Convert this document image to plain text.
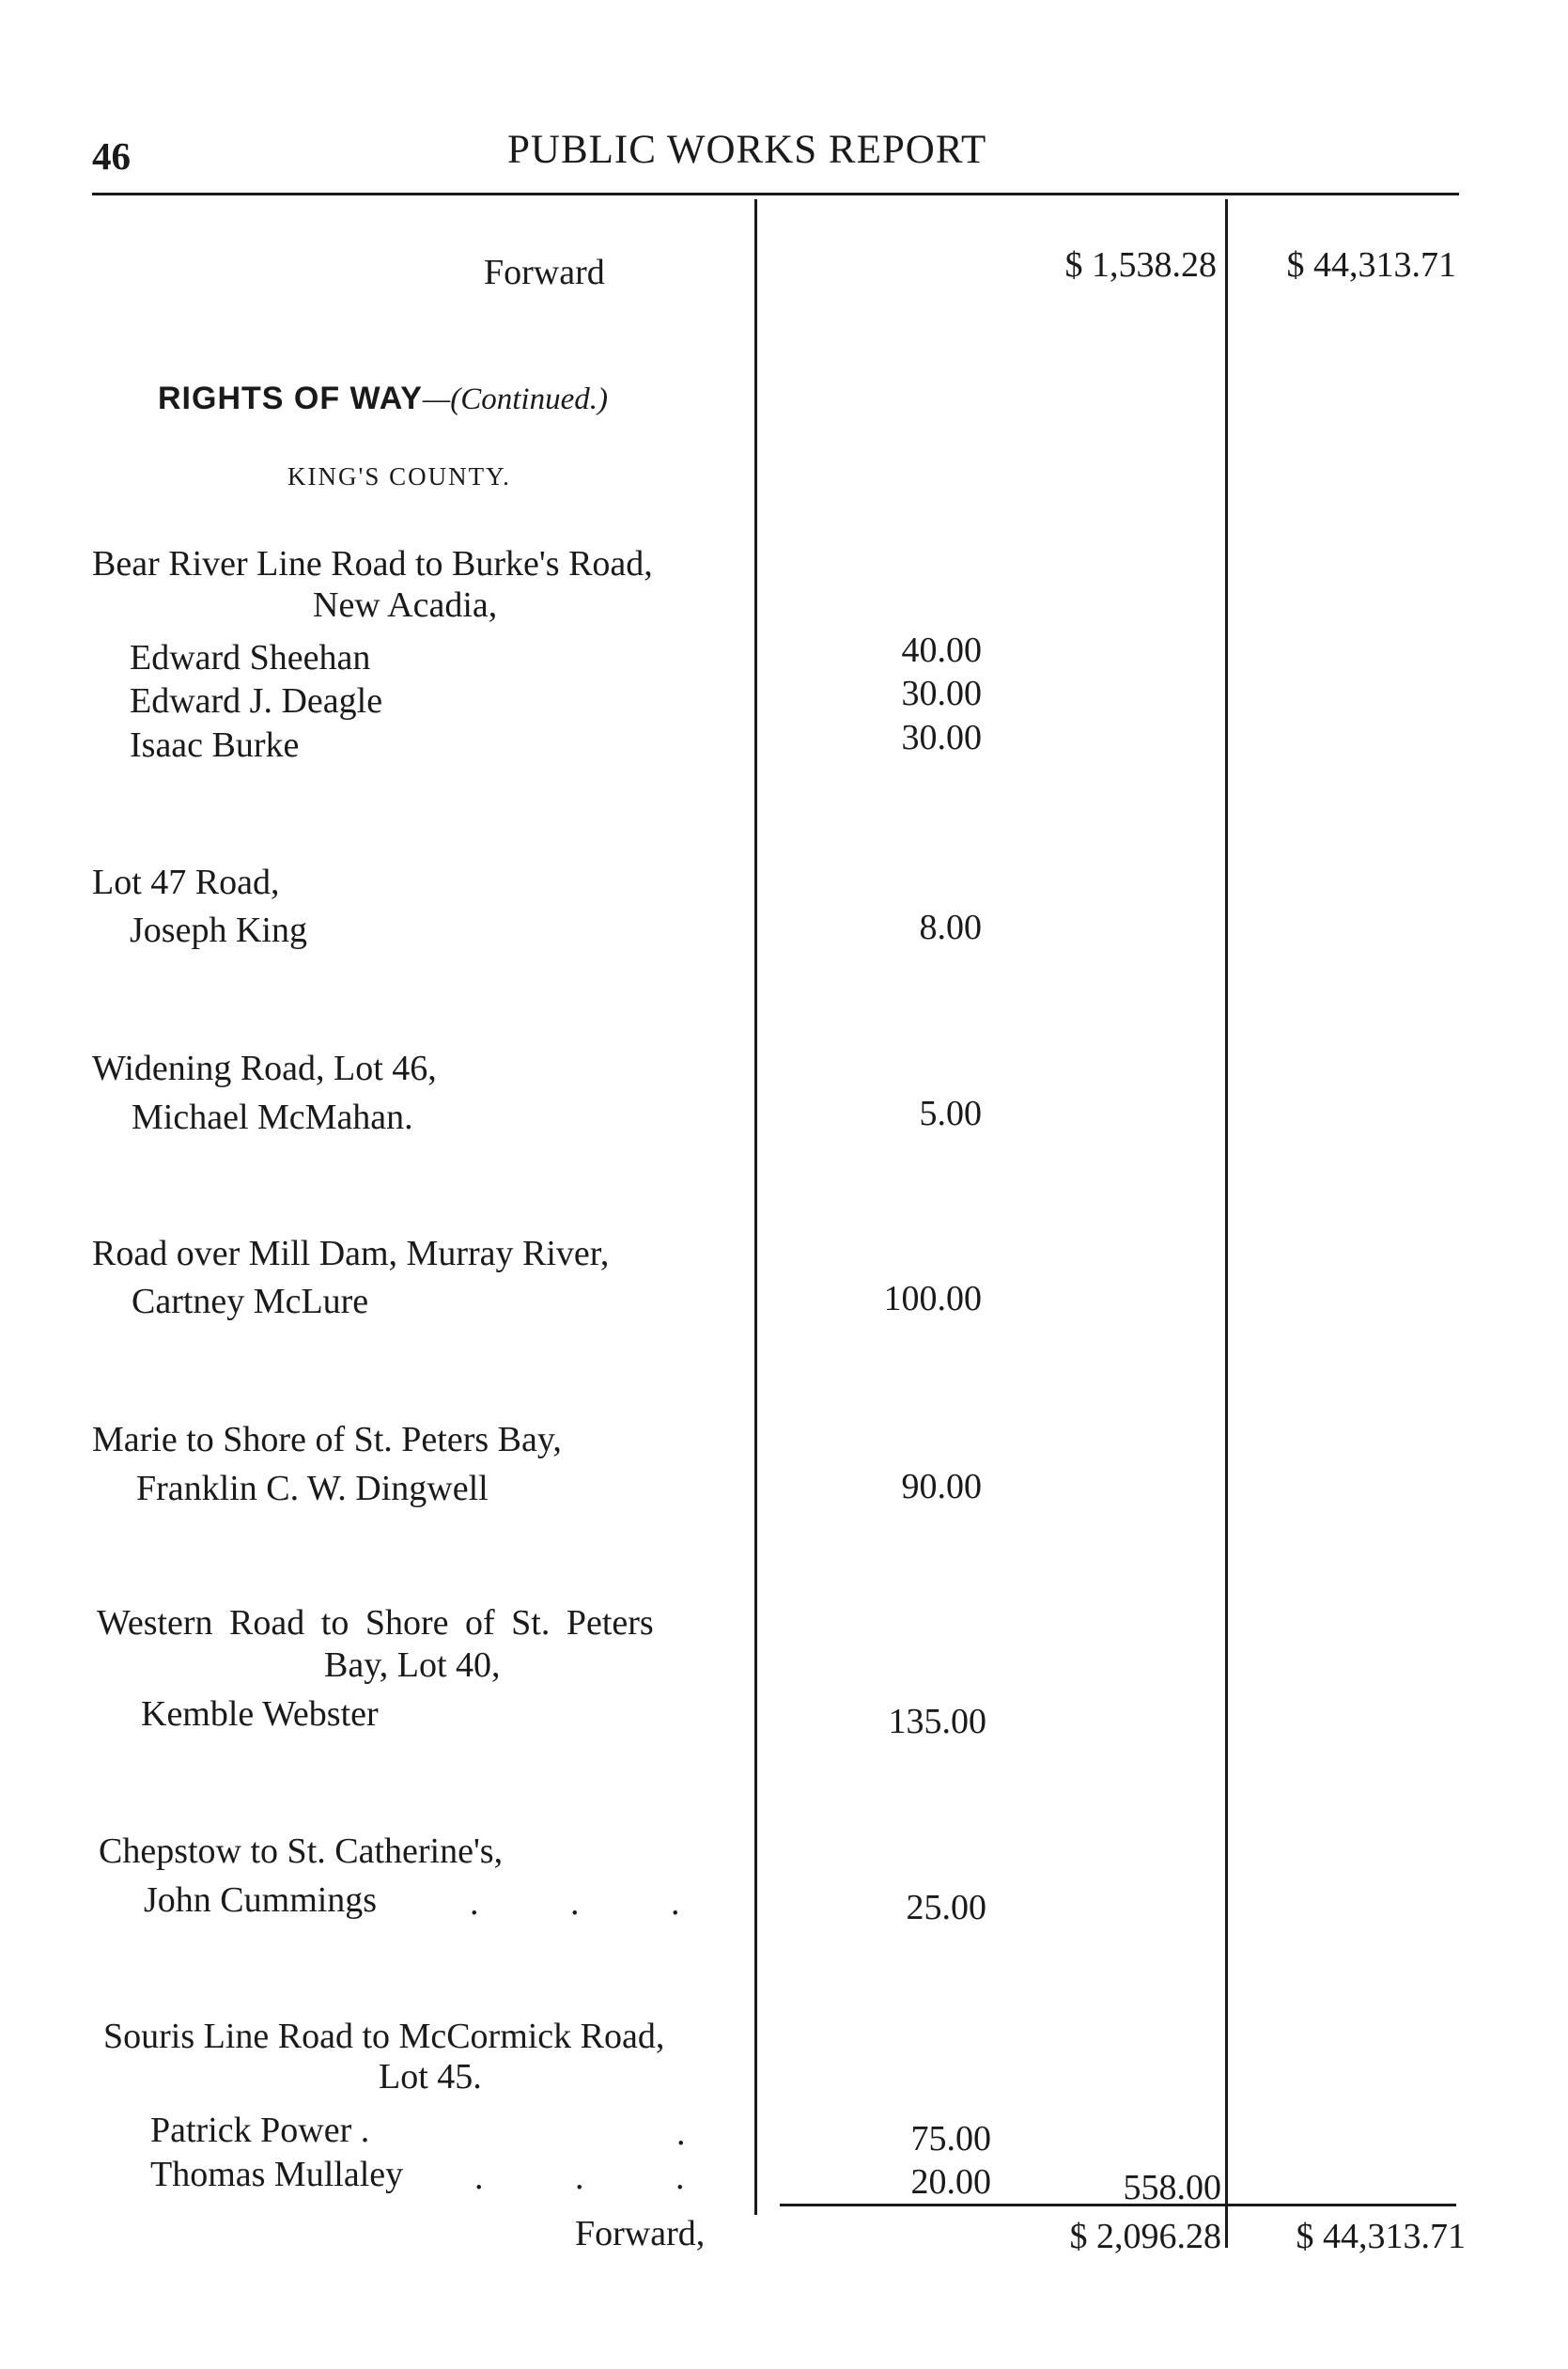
46	PUBLIC WORKS REPORT
Forward	$ 1,538.28	$ 44,313.71
RIGHTS OF WAY—(Continued.)
KING'S COUNTY.
Bear River Line Road to Burke's Road,
New Acadia,
Edward Sheehan	40.00
Edward J. Deagle	30.00
Isaac Burke	30.00
Lot 47 Road,
Joseph King	8.00
Widening Road, Lot 46,
Michael McMahan.	5.00
Road over Mill Dam, Murray River,
Cartney McLure	100.00
Marie to Shore of St. Peters Bay,
Franklin C. W. Dingwell	90.00
Western Road to Shore of St. Peters
Bay, Lot 40,
Kemble Webster	135.00
Chepstow to St. Catherine's,
John Cummings	. . .	25.00
Souris Line Road to McCormick Road,
Lot 45.
Patrick Power .	.	75.00
Thomas Mullaley . . .	20.00	558.00
Forward,	$ 2,096.28	$ 44,313.71
